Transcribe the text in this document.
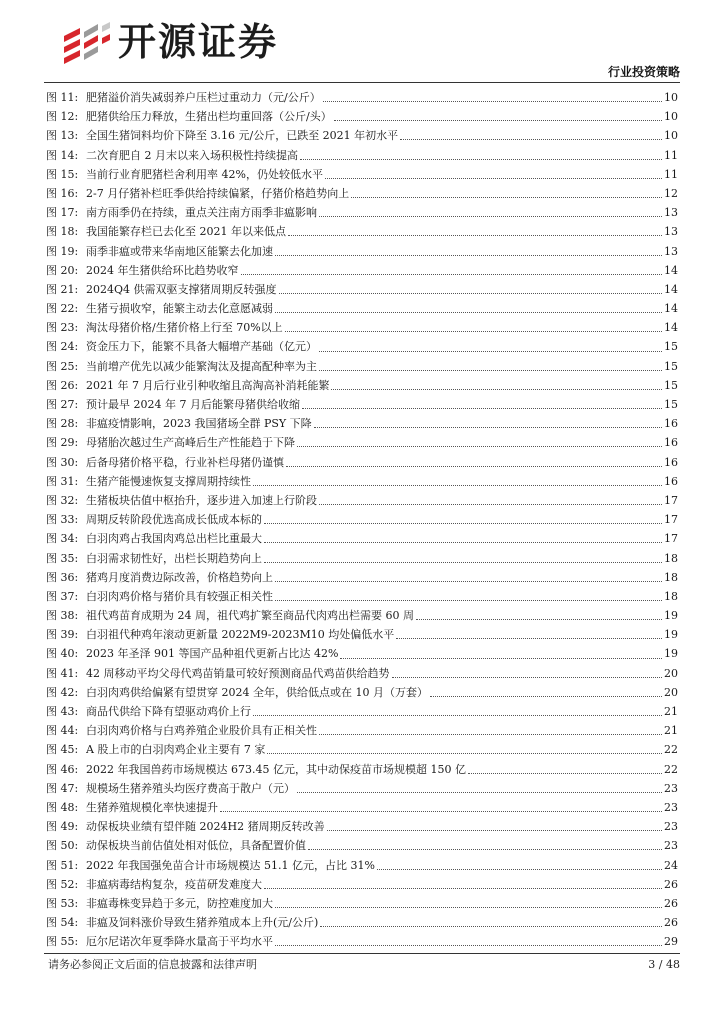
开源证券
行业投资策略
图 11: 肥猪溢价消失减弱养户压栏过重动力（元/公斤）	10
图 12: 肥猪供给压力释放，生猪出栏均重回落（公斤/头）	10
图 13: 全国生猪饲料均价下降至 3.16 元/公斤，已跌至 2021 年初水平	10
图 14: 二次育肥自 2 月末以来入场积极性持续提高	11
图 15: 当前行业育肥猪栏舍利用率 42%，仍处较低水平	11
图 16: 2-7 月仔猪补栏旺季供给持续偏紧，仔猪价格趋势向上	12
图 17: 南方雨季仍在持续，重点关注南方雨季非瘟影响	13
图 18: 我国能繁存栏已去化至 2021 年以来低点	13
图 19: 雨季非瘟或带来华南地区能繁去化加速	13
图 20: 2024 年生猪供给环比趋势收窄	14
图 21: 2024Q4 供需双驱支撑猪周期反转强度	14
图 22: 生猪亏损收窄，能繁主动去化意愿减弱	14
图 23: 淘汰母猪价格/生猪价格上行至 70%以上	14
图 24: 资金压力下，能繁不具备大幅增产基础（亿元）	15
图 25: 当前增产优先以减少能繁淘汰及提高配种率为主	15
图 26: 2021 年 7 月后行业引种收缩且高淘高补消耗能繁	15
图 27: 预计最早 2024 年 7 月后能繁母猪供给收缩	15
图 28: 非瘟疫情影响，2023 我国猪场全群 PSY 下降	16
图 29: 母猪胎次越过生产高峰后生产性能趋于下降	16
图 30: 后备母猪价格平稳，行业补栏母猪仍谨慎	16
图 31: 生猪产能慢速恢复支撑周期持续性	16
图 32: 生猪板块估值中枢抬升，逐步进入加速上行阶段	17
图 33: 周期反转阶段优选高成长低成本标的	17
图 34: 白羽肉鸡占我国肉鸡总出栏比重最大	17
图 35: 白羽需求韧性好，出栏长期趋势向上	18
图 36: 猪鸡月度消费边际改善，价格趋势向上	18
图 37: 白羽肉鸡价格与猪价具有较强正相关性	18
图 38: 祖代鸡苗育成期为 24 周，祖代鸡扩繁至商品代肉鸡出栏需要 60 周	19
图 39: 白羽祖代种鸡年滚动更新量 2022M9-2023M10 均处偏低水平	19
图 40: 2023 年圣泽 901 等国产品种祖代更新占比达 42%	19
图 41: 42 周移动平均父母代鸡苗销量可较好预测商品代鸡苗供给趋势	20
图 42: 白羽肉鸡供给偏紧有望贯穿 2024 全年，供给低点或在 10 月（万套）	20
图 43: 商品代供给下降有望驱动鸡价上行	21
图 44: 白羽肉鸡价格与白鸡养殖企业股价具有正相关性	21
图 45: A 股上市的白羽肉鸡企业主要有 7 家	22
图 46: 2022 年我国兽药市场规模达 673.45 亿元，其中动保疫苗市场规模超 150 亿	22
图 47: 规模场生猪养殖头均医疗费高于散户（元）	23
图 48: 生猪养殖规模化率快速提升	23
图 49: 动保板块业绩有望伴随 2024H2 猪周期反转改善	23
图 50: 动保板块当前估值处相对低位，具备配置价值	23
图 51: 2022 年我国强免苗合计市场规模达 51.1 亿元，占比 31%	24
图 52: 非瘟病毒结构复杂，疫苗研发难度大	26
图 53: 非瘟毒株变异趋于多元，防控难度加大	26
图 54: 非瘟及饲料涨价导致生猪养殖成本上升(元/公斤)	26
图 55: 厄尔尼诺次年夏季降水量高于平均水平	29
请务必参阅正文后面的信息披露和法律声明	3 / 48
